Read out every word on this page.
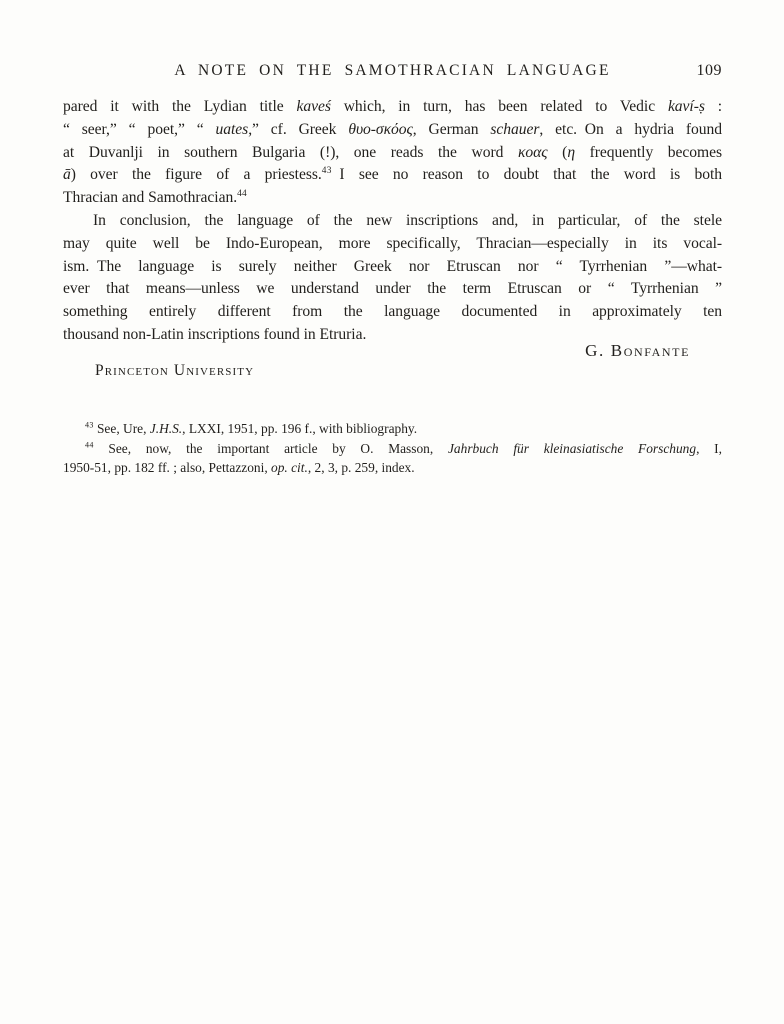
A NOTE ON THE SAMOTHRACIAN LANGUAGE	109
pared it with the Lydian title kaveś which, in turn, has been related to Vedic kaví-ṣ :
“ seer,” “ poet,” “ uates,” cf. Greek θυο-σκόος, German schauer, etc. On a hydria found
at Duvanlji in southern Bulgaria (!), one reads the word κοας (η frequently becomes
ā) over the figure of a priestess.$^{43}$ I see no reason to doubt that the word is both
Thracian and Samothracian.$^{44}$
In conclusion, the language of the new inscriptions and, in particular, of the stele
may quite well be Indo-European, more specifically, Thracian—especially in its vocal-
ism. The language is surely neither Greek nor Etruscan nor “ Tyrrhenian ”—what-
ever that means—unless we understand under the term Etruscan or “ Tyrrhenian ”
something entirely different from the language documented in approximately ten
thousand non-Latin inscriptions found in Etruria.
G. Bonfante
Princeton University
$^{43}$ See, Ure, J.H.S., LXXI, 1951, pp. 196 f., with bibliography.
$^{44}$ See, now, the important article by O. Masson, Jahrbuch für kleinasiatische Forschung, I,
1950-51, pp. 182 ff. ; also, Pettazzoni, op. cit., 2, 3, p. 259, index.
